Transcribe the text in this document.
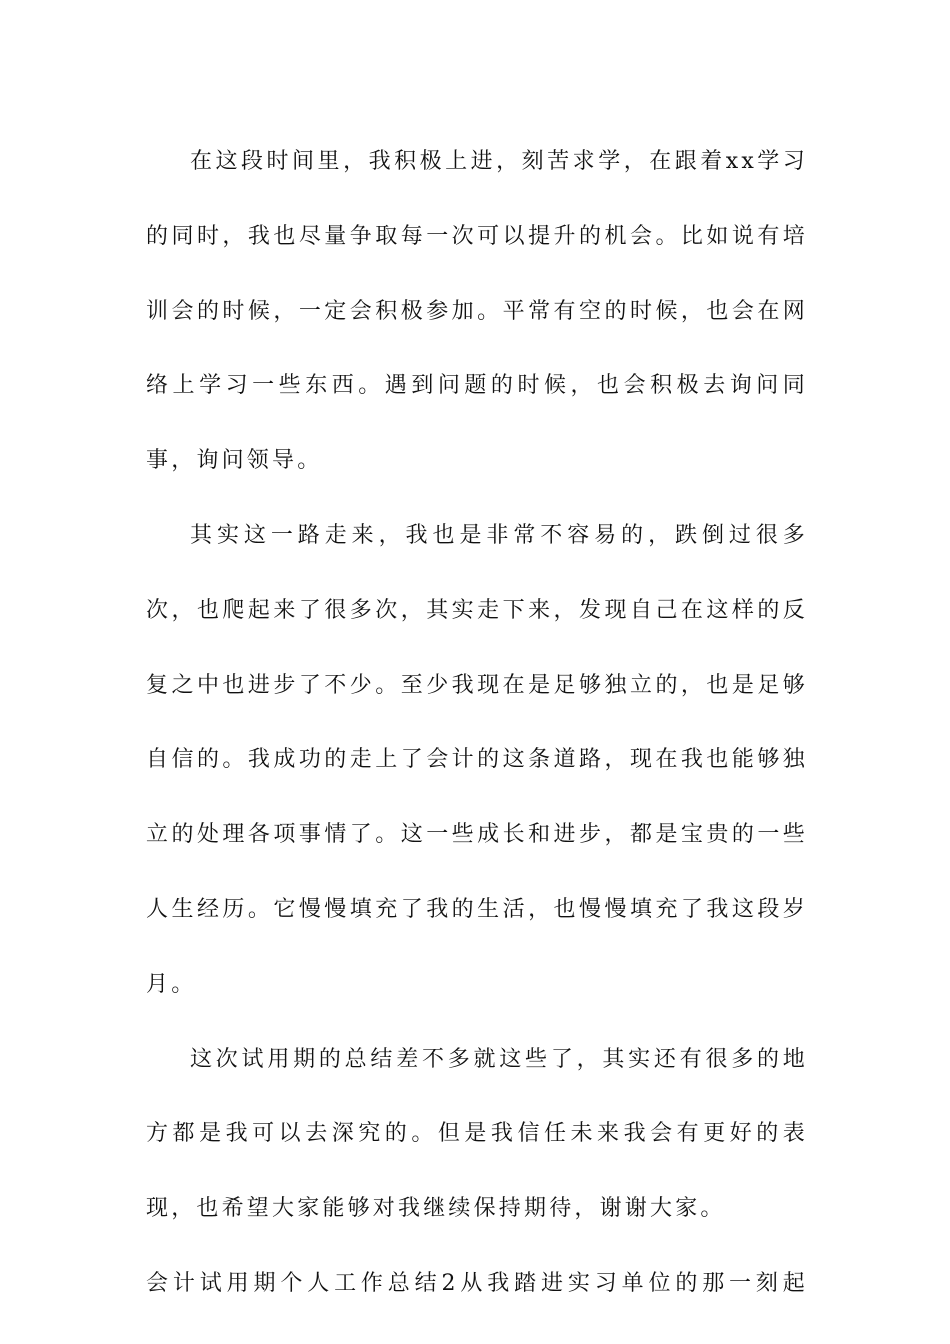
在这段时间里，我积极上进，刻苦求学，在跟着xx学习的同时，我也尽量争取每一次可以提升的机会。比如说有培训会的时候，一定会积极参加。平常有空的时候，也会在网络上学习一些东西。遇到问题的时候，也会积极去询问同事，询问领导。

其实这一路走来，我也是非常不容易的，跌倒过很多次，也爬起来了很多次，其实走下来，发现自己在这样的反复之中也进步了不少。至少我现在是足够独立的，也是足够自信的。我成功的走上了会计的这条道路，现在我也能够独立的处理各项事情了。这一些成长和进步，都是宝贵的一些人生经历。它慢慢填充了我的生活，也慢慢填充了我这段岁月。

这次试用期的总结差不多就这些了，其实还有很多的地方都是我可以去深究的。但是我信任未来我会有更好的表现，也希望大家能够对我继续保持期待，谢谢大家。

会计试用期个人工作总结2从我踏进实习单位的那一刻起
